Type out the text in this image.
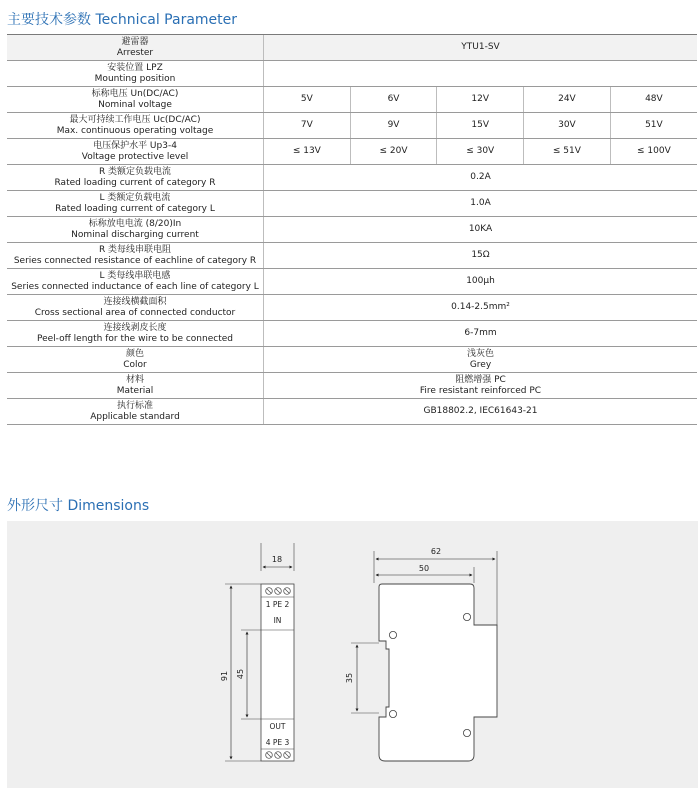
主要技术参数 Technical Parameter
避雷器
Arrester	YTU1-SV				

安装位置 LPZ
Mounting position					

标称电压 Un(DC/AC)
Nominal voltage	5V	6V	12V	24V	48V

最大可持续工作电压 Uc(DC/AC)
Max. continuous operating voltage	7V	9V	15V	30V	51V

电压保护水平 Up3-4
Voltage protective level	≤ 13V	≤ 20V	≤ 30V	≤ 51V	≤ 100V

R 类额定负载电流
Rated loading current of category R	0.2A				

L 类额定负载电流
Rated loading current of category L	1.0A				

标称放电电流 (8/20)In
Nominal discharging current	10KA				

R 类每线串联电阻
Series connected resistance of eachline of category R	15Ω				

L 类每线串联电感
Series connected inductance of each line of category L	100μh				

连接线横截面积
Cross sectional area of connected conductor	0.14-2.5mm²				

连接线剥皮长度
Peel-off length for the wire to be connected	6-7mm				

颜色
Color	浅灰色
Grey				

材料
Material	阻燃增强 PC
Fire resistant reinforced PC				

执行标准
Applicable standard	GB18802.2, IEC61643-21				
外形尺寸 Dimensions
18
91 45
1 PE 2
IN
OUT
4 PE 3
62
50
35
